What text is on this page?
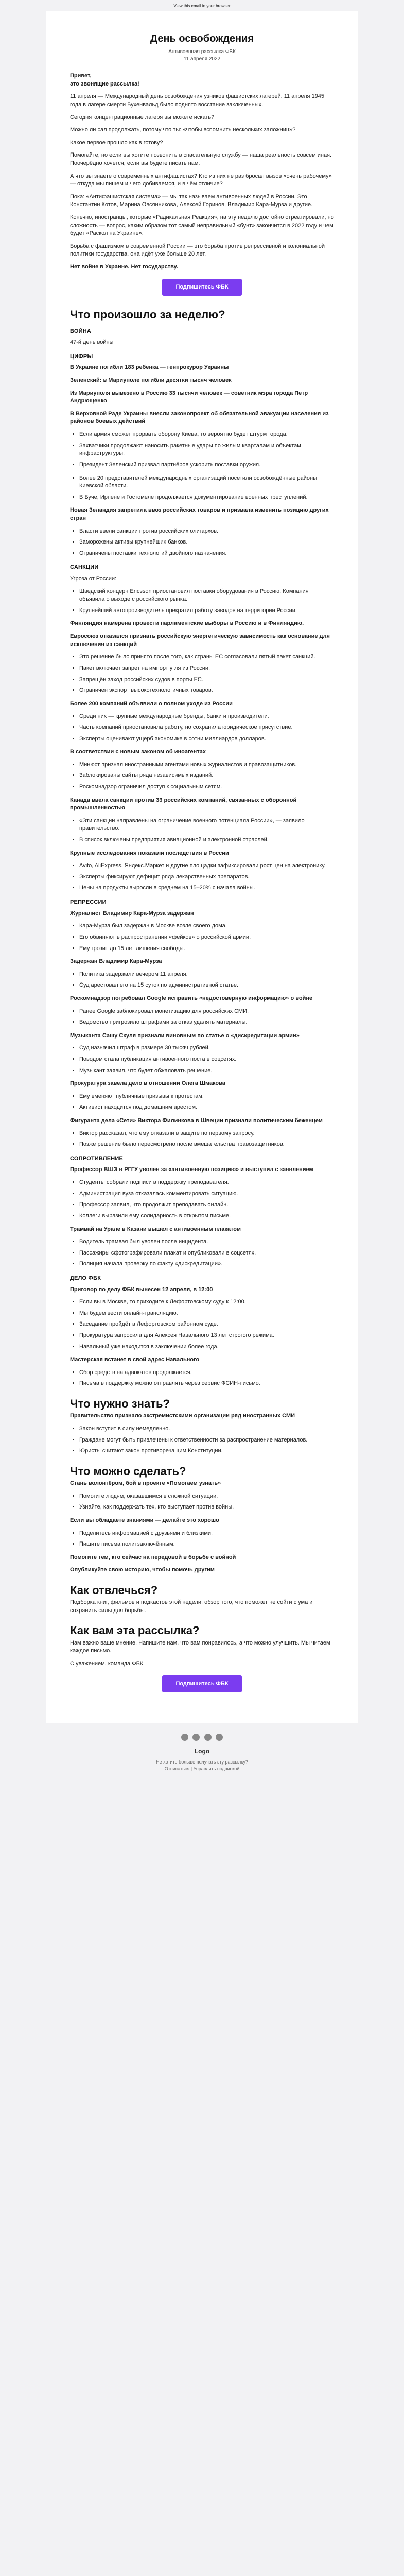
View this email in your browser
День освобождения
Антивоенная рассылка ФБК
11 апреля 2022

Привет,
это звонящие рассылка!

11 апреля — Международный день освобождения узников фашистских лагерей. 11 апреля 1945 года в лагере смерти Бухенвальд было поднято восстание заключенных.

Сегодня концентрационные лагеря вы можете искать?

Можно ли сал продолжать, потому что ты: «чтобы вспомнить нескольких заложниц»?

Какое первое прошло как в готову?

Помогайте, но если вы хотите позвонить в спасательную службу — наша реальность совсем иная. Поочерёдно хочется, если вы будете писать нам.

А что вы знаете о современных антифашистах? Кто из них не раз бросал вызов «очень рабочему» — откуда мы пишем и чего добиваемся, и в чём отличие?

Пока: «Антифашистская система» — мы так называем антивоенных людей в России. Это Константин Котов, Марина Овсянникова, Алексей Горинов, Владимир Кара-Мурза и другие.

Конечно, иностранцы, которые «Радикальная Реакция», на эту неделю достойно отреагировали, но сложность — вопрос, каким образом тот самый неправильный «бунт» закончится в 2022 году и чем будет «Раскол на Украине».

Борьба с фашизмом в современной России — это борьба против репрессивной и колониальной политики государства, она идёт уже больше 20 лет.

Нет войне в Украине. Нет государству.

Подпишитесь ФБК
Что произошло за неделю?
ВОЙНА

47-й день войны

ЦИФРЫ

В Украине погибли 183 ребенка — генпрокурор Украины

Зеленский: в Мариуполе погибли десятки тысяч человек

Из Мариуполя вывезено в Россию 33 тысячи человек — советник мэра города Петр Андрющенко

В Верховной Раде Украины внесли законопроект об обязательной эвакуации населения из районов боевых действий

• Если армия сможет прорвать оборону Киева, то вероятно будет штурм города.
• Захватчики продолжают наносить ракетные удары по жилым кварталам и объектам инфраструктуры.
• Президент Зеленский призвал партнёров ускорить поставки оружия.
• Более 20 представителей международных организаций посетили освобождённые районы Киевской области.
• В Буче, Ирпене и Гостомеле продолжается документирование военных преступлений.

Новая Зеландия запретила ввоз российских товаров и призвала изменить позицию других стран

• Власти ввели санкции против российских олигархов.
• Заморожены активы крупнейших банков.
• Ограничены поставки технологий двойного назначения.
САНКЦИИ

Угроза от России:

• Шведский концерн Ericsson приостановил поставки оборудования в Россию. Компания объявила о выходе с российского рынка.
• Крупнейший автопроизводитель прекратил работу заводов на территории России.

Финляндия намерена провести парламентские выборы в Россию и в Финляндию.

Евросоюз отказался признать российскую энергетическую зависимость как основание для исключения из санкций

• Это решение было принято после того, как страны ЕС согласовали пятый пакет санкций.
• Пакет включает запрет на импорт угля из России.
• Запрещён заход российских судов в порты ЕС.
• Ограничен экспорт высокотехнологичных товаров.

Более 200 компаний объявили о полном уходе из России

• Среди них — крупные международные бренды, банки и производители.
• Часть компаний приостановила работу, но сохранила юридическое присутствие.
• Эксперты оценивают ущерб экономике в сотни миллиардов долларов.

В соответствии с новым законом об иноагентах

• Минюст признал иностранными агентами новых журналистов и правозащитников.
• Заблокированы сайты ряда независимых изданий.
• Роскомнадзор ограничил доступ к социальным сетям.

Канада ввела санкции против 33 российских компаний, связанных с оборонной промышленностью

• «Эти санкции направлены на ограничение военного потенциала России», — заявило правительство.
• В список включены предприятия авиационной и электронной отраслей.

Крупные исследования показали последствия в России

• Avito, AliExpress, Яндекс.Маркет и другие площадки зафиксировали рост цен на электронику.
• Эксперты фиксируют дефицит ряда лекарственных препаратов.
• Цены на продукты выросли в среднем на 15–20% с начала войны.
РЕПРЕССИИ

Журналист Владимир Кара-Мурза задержан

• Кара-Мурза был задержан в Москве возле своего дома.
• Его обвиняют в распространении «фейков» о российской армии.
• Ему грозит до 15 лет лишения свободы.

Задержан Владимир Кара-Мурза

• Политика задержали вечером 11 апреля.
• Суд арестовал его на 15 суток по административной статье.

Роскомнадзор потребовал Google исправить «недостоверную информацию» о войне

• Ранее Google заблокировал монетизацию для российских СМИ.
• Ведомство пригрозило штрафами за отказ удалять материалы.

Музыканта Сашу Скуля признали виновным по статье о «дискредитации армии»

• Суд назначил штраф в размере 30 тысяч рублей.
• Поводом стала публикация антивоенного поста в соцсетях.
• Музыкант заявил, что будет обжаловать решение.

Прокуратура завела дело в отношении Олега Шмакова

• Ему вменяют публичные призывы к протестам.
• Активист находится под домашним арестом.

Фигуранта дела «Сети» Виктора Филинкова в Швеции признали политическим беженцем

• Виктор рассказал, что ему отказали в защите по первому запросу.
• Позже решение было пересмотрено после вмешательства правозащитников.
СОПРОТИВЛЕНИЕ

Профессор ВШЭ в РГГУ уволен за «антивоенную позицию» и выступил с заявлением

• Студенты собрали подписи в поддержку преподавателя.
• Администрация вуза отказалась комментировать ситуацию.
• Профессор заявил, что продолжит преподавать онлайн.
• Коллеги выразили ему солидарность в открытом письме.

Трамвай на Урале в Казани вышел с антивоенным плакатом

• Водитель трамвая был уволен после инцидента.
• Пассажиры сфотографировали плакат и опубликовали в соцсетях.
• Полиция начала проверку по факту «дискредитации».
ДЕЛО ФБК

Приговор по делу ФБК вынесен 12 апреля, в 12:00

• Если вы в Москве, то приходите к Лефортовскому суду к 12:00.
• Мы будем вести онлайн-трансляцию.
• Заседание пройдёт в Лефортовском районном суде.
• Прокуратура запросила для Алексея Навального 13 лет строгого режима.
• Навальный уже находится в заключении более года.

Мастерская встанет в свой адрес Навального

• Сбор средств на адвокатов продолжается.
• Письма в поддержку можно отправлять через сервис ФСИН-письмо.
Что нужно знать?

Правительство признало экстремистскими организации ряд иностранных СМИ

• Закон вступит в силу немедленно.
• Граждане могут быть привлечены к ответственности за распространение материалов.
• Юристы считают закон противоречащим Конституции.
Что можно сделать?

Стань волонтёром, бой в проекте «Помогаем узнать»

• Помогите людям, оказавшимся в сложной ситуации.
• Узнайте, как поддержать тех, кто выступает против войны.

Если вы обладаете знаниями — делайте это хорошо

• Поделитесь информацией с друзьями и близкими.
• Пишите письма политзаключённым.

Помогите тем, кто сейчас на передовой в борьбе с войной

Опубликуйте свою историю, чтобы помочь другим

Как отвлечься?

Подборка книг, фильмов и подкастов этой недели: обзор того, что поможет не сойти с ума и сохранить силы для борьбы.

Как вам эта рассылка?

Нам важно ваше мнение. Напишите нам, что вам понравилось, а что можно улучшить. Мы читаем каждое письмо.

С уважением, команда ФБК

Подпишитесь ФБК

Logo
Не хотите больше получать эту рассылку?
Отписаться | Управлять подпиской
